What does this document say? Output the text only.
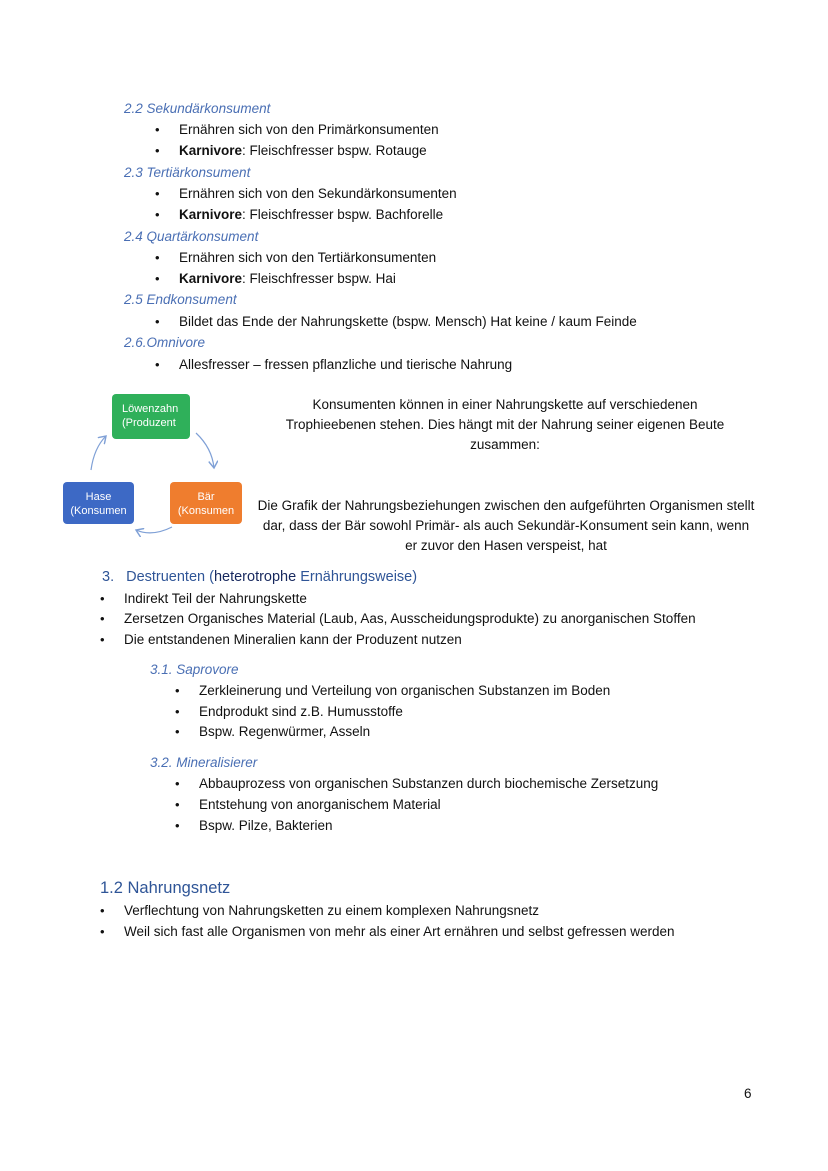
2.2 Sekundärkonsument
•	Ernähren sich von den Primärkonsumenten
•	Karnivore: Fleischfresser bspw. Rotauge
2.3 Tertiärkonsument
•	Ernähren sich von den Sekundärkonsumenten
•	Karnivore: Fleischfresser bspw. Bachforelle
2.4 Quartärkonsument
•	Ernähren sich von den Tertiärkonsumenten
•	Karnivore: Fleischfresser bspw. Hai
2.5 Endkonsument
•	Bildet das Ende der Nahrungskette (bspw. Mensch) Hat keine / kaum Feinde
2.6.Omnivore
•	Allesfresser – fressen pflanzliche und tierische Nahrung
Löwenzahn
(Produzent
Hase
(Konsumen
Bär
(Konsumen
Konsumenten können in einer Nahrungskette auf verschiedenen Trophieebenen stehen. Dies hängt mit der Nahrung seiner eigenen Beute zusammen:
Die Grafik der Nahrungsbeziehungen zwischen den aufgeführten Organismen stellt dar, dass der Bär sowohl Primär- als auch Sekundär-Konsument sein kann, wenn er zuvor den Hasen verspeist, hat
3. Destruenten (heterotrophe Ernährungsweise)
•	Indirekt Teil der Nahrungskette
•	Zersetzen Organisches Material (Laub, Aas, Ausscheidungsprodukte) zu anorganischen Stoffen
•	Die entstandenen Mineralien kann der Produzent nutzen
3.1. Saprovore
•	Zerkleinerung und Verteilung von organischen Substanzen im Boden
•	Endprodukt sind z.B. Humusstoffe
•	Bspw. Regenwürmer, Asseln
3.2. Mineralisierer
•	Abbauprozess von organischen Substanzen durch biochemische Zersetzung
•	Entstehung von anorganischem Material
•	Bspw. Pilze, Bakterien
1.2 Nahrungsnetz
•	Verflechtung von Nahrungsketten zu einem komplexen Nahrungsnetz
•	Weil sich fast alle Organismen von mehr als einer Art ernähren und selbst gefressen werden
6
